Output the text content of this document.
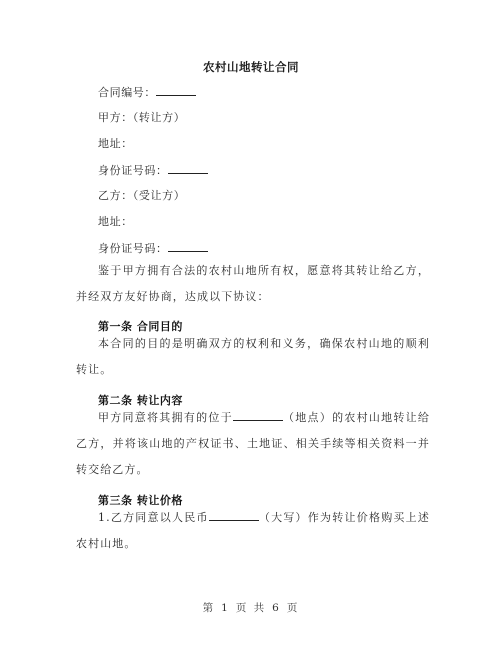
农村山地转让合同
合同编号：
甲方：（转让方）
地址：
身份证号码：
乙方：（受让方）
地址：
身份证号码：
鉴于甲方拥有合法的农村山地所有权，愿意将其转让给乙方，并经双方友好协商，达成以下协议：
第一条 合同目的
本合同的目的是明确双方的权利和义务，确保农村山地的顺利转让。
第二条 转让内容
甲方同意将其拥有的位于	（地点）的农村山地转让给乙方，并将该山地的产权证书、土地证、相关手续等相关资料一并转交给乙方。
第三条 转让价格
1.乙方同意以人民币	（大写）作为转让价格购买上述农村山地。
第 1 页 共 6 页
